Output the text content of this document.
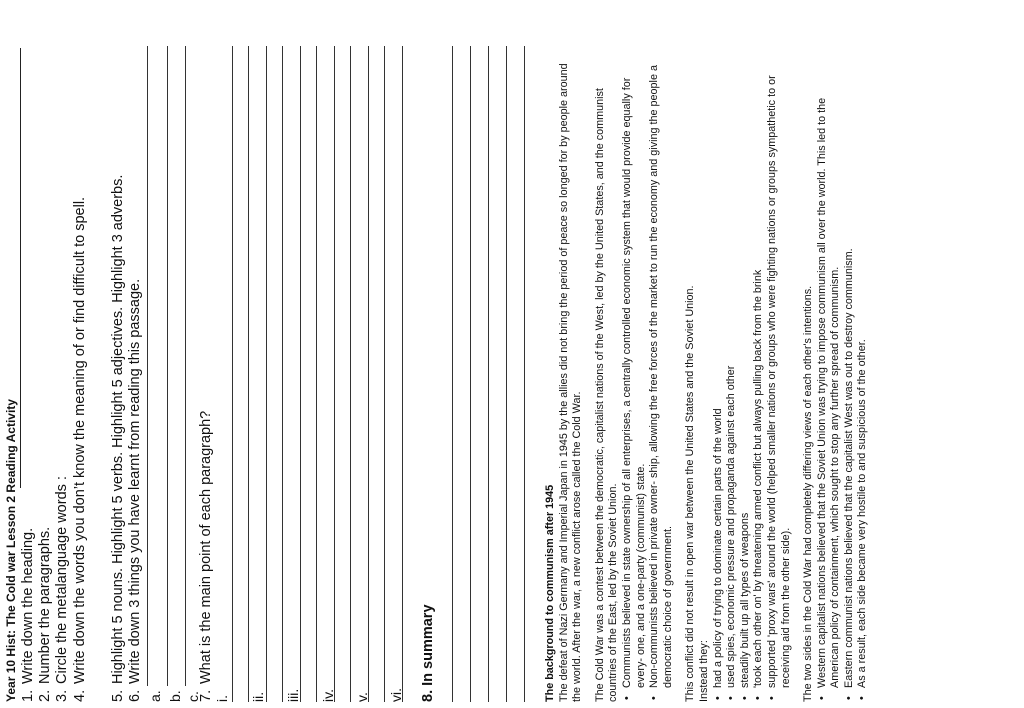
Year 10 Hist: The Cold war Lesson 2 Reading Activity 1.Write down the heading.
2.Number the paragraphs.
3.Circle the metalanguage words :
4.Write down the words you don’t know the meaning of or find difficult to spell.
5.Highlight 5 nouns. Highlight 5 verbs. Highlight 5 adjectives. Highlight 3 adverbs.
6.Write down 3 things you have learnt from reading this passage.
a. b. c.
7.What is the main point of each paragraph?
i. ii. iii. iv. v. vi. 8. In summary	The background to communism after 1945 The defeat of Nazi Germany and Imperial Japan in 1945 by the allies did not bring the period of peace so longed for by people around the world. After the war, a new conflict arose called the Cold War. The Cold War was a contest between the democratic, capitalist nations of the West, led by the United States, and the communist countries of the East, led by the Soviet Union. • Communists believed in state ownership of all enterprises, a centrally controlled economic system that would provide equally for every- one, and a one-party (communist) state. • Non-communists believed in private owner- ship, allowing the free forces of the market to run the economy and giving the people a democratic choice of government. This conflict did not result in open war between the United States and the Soviet Union. Instead they: • had a policy of trying to dominate certain parts of the world • used spies, economic pressure and propaganda against each other • steadily built up all types of weapons • 'took each other on' by threatening armed conflict but always pulling back from the brink • supported 'proxy wars' around the world (helped smaller nations or groups who were fighting nations or groups sympathetic to or receiving aid from the other side). The two sides in the Cold War had completely differing views of each other's intentions. • Western capitalist nations believed that the Soviet Union was trying to impose communism all over the world. This led to the American policy of containment, which sought to stop any further spread of communism. • Eastern communist nations believed that the capitalist West was out to destroy communism. • As a result, each side became very hostile to and suspicious of the other.
